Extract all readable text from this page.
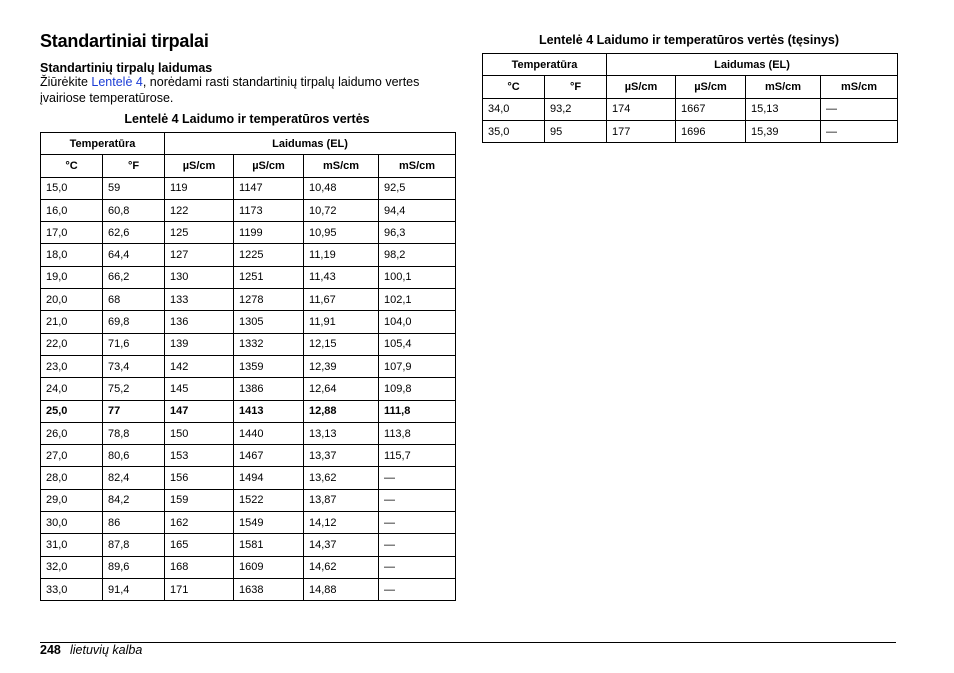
Standartiniai tirpalai
Standartinių tirpalų laidumas

Žiūrėkite Lentelė 4, norėdami rasti standartinių tirpalų laidumo vertes įvairiose temperatūrose.

Lentelė 4 Laidumo ir temperatūros vertės
Temperatūra		Laidumas (EL)			
°C	°F	µS/cm	µS/cm	mS/cm	mS/cm
15,0	59	119	1147	10,48	92,5
16,0	60,8	122	1173	10,72	94,4
17,0	62,6	125	1199	10,95	96,3
18,0	64,4	127	1225	11,19	98,2
19,0	66,2	130	1251	11,43	100,1
20,0	68	133	1278	11,67	102,1
21,0	69,8	136	1305	11,91	104,0
22,0	71,6	139	1332	12,15	105,4
23,0	73,4	142	1359	12,39	107,9
24,0	75,2	145	1386	12,64	109,8
25,0	77	147	1413	12,88	111,8
26,0	78,8	150	1440	13,13	113,8
27,0	80,6	153	1467	13,37	115,7
28,0	82,4	156	1494	13,62	—
29,0	84,2	159	1522	13,87	—
30,0	86	162	1549	14,12	—
31,0	87,8	165	1581	14,37	—
32,0	89,6	168	1609	14,62	—
33,0	91,4	171	1638	14,88	—
Lentelė 4 Laidumo ir temperatūros vertės (tęsinys)
Temperatūra		Laidumas (EL)			
°C	°F	µS/cm	µS/cm	mS/cm	mS/cm
34,0	93,2	174	1667	15,13	—
35,0	95	177	1696	15,39	—
248 lietuvių kalba
